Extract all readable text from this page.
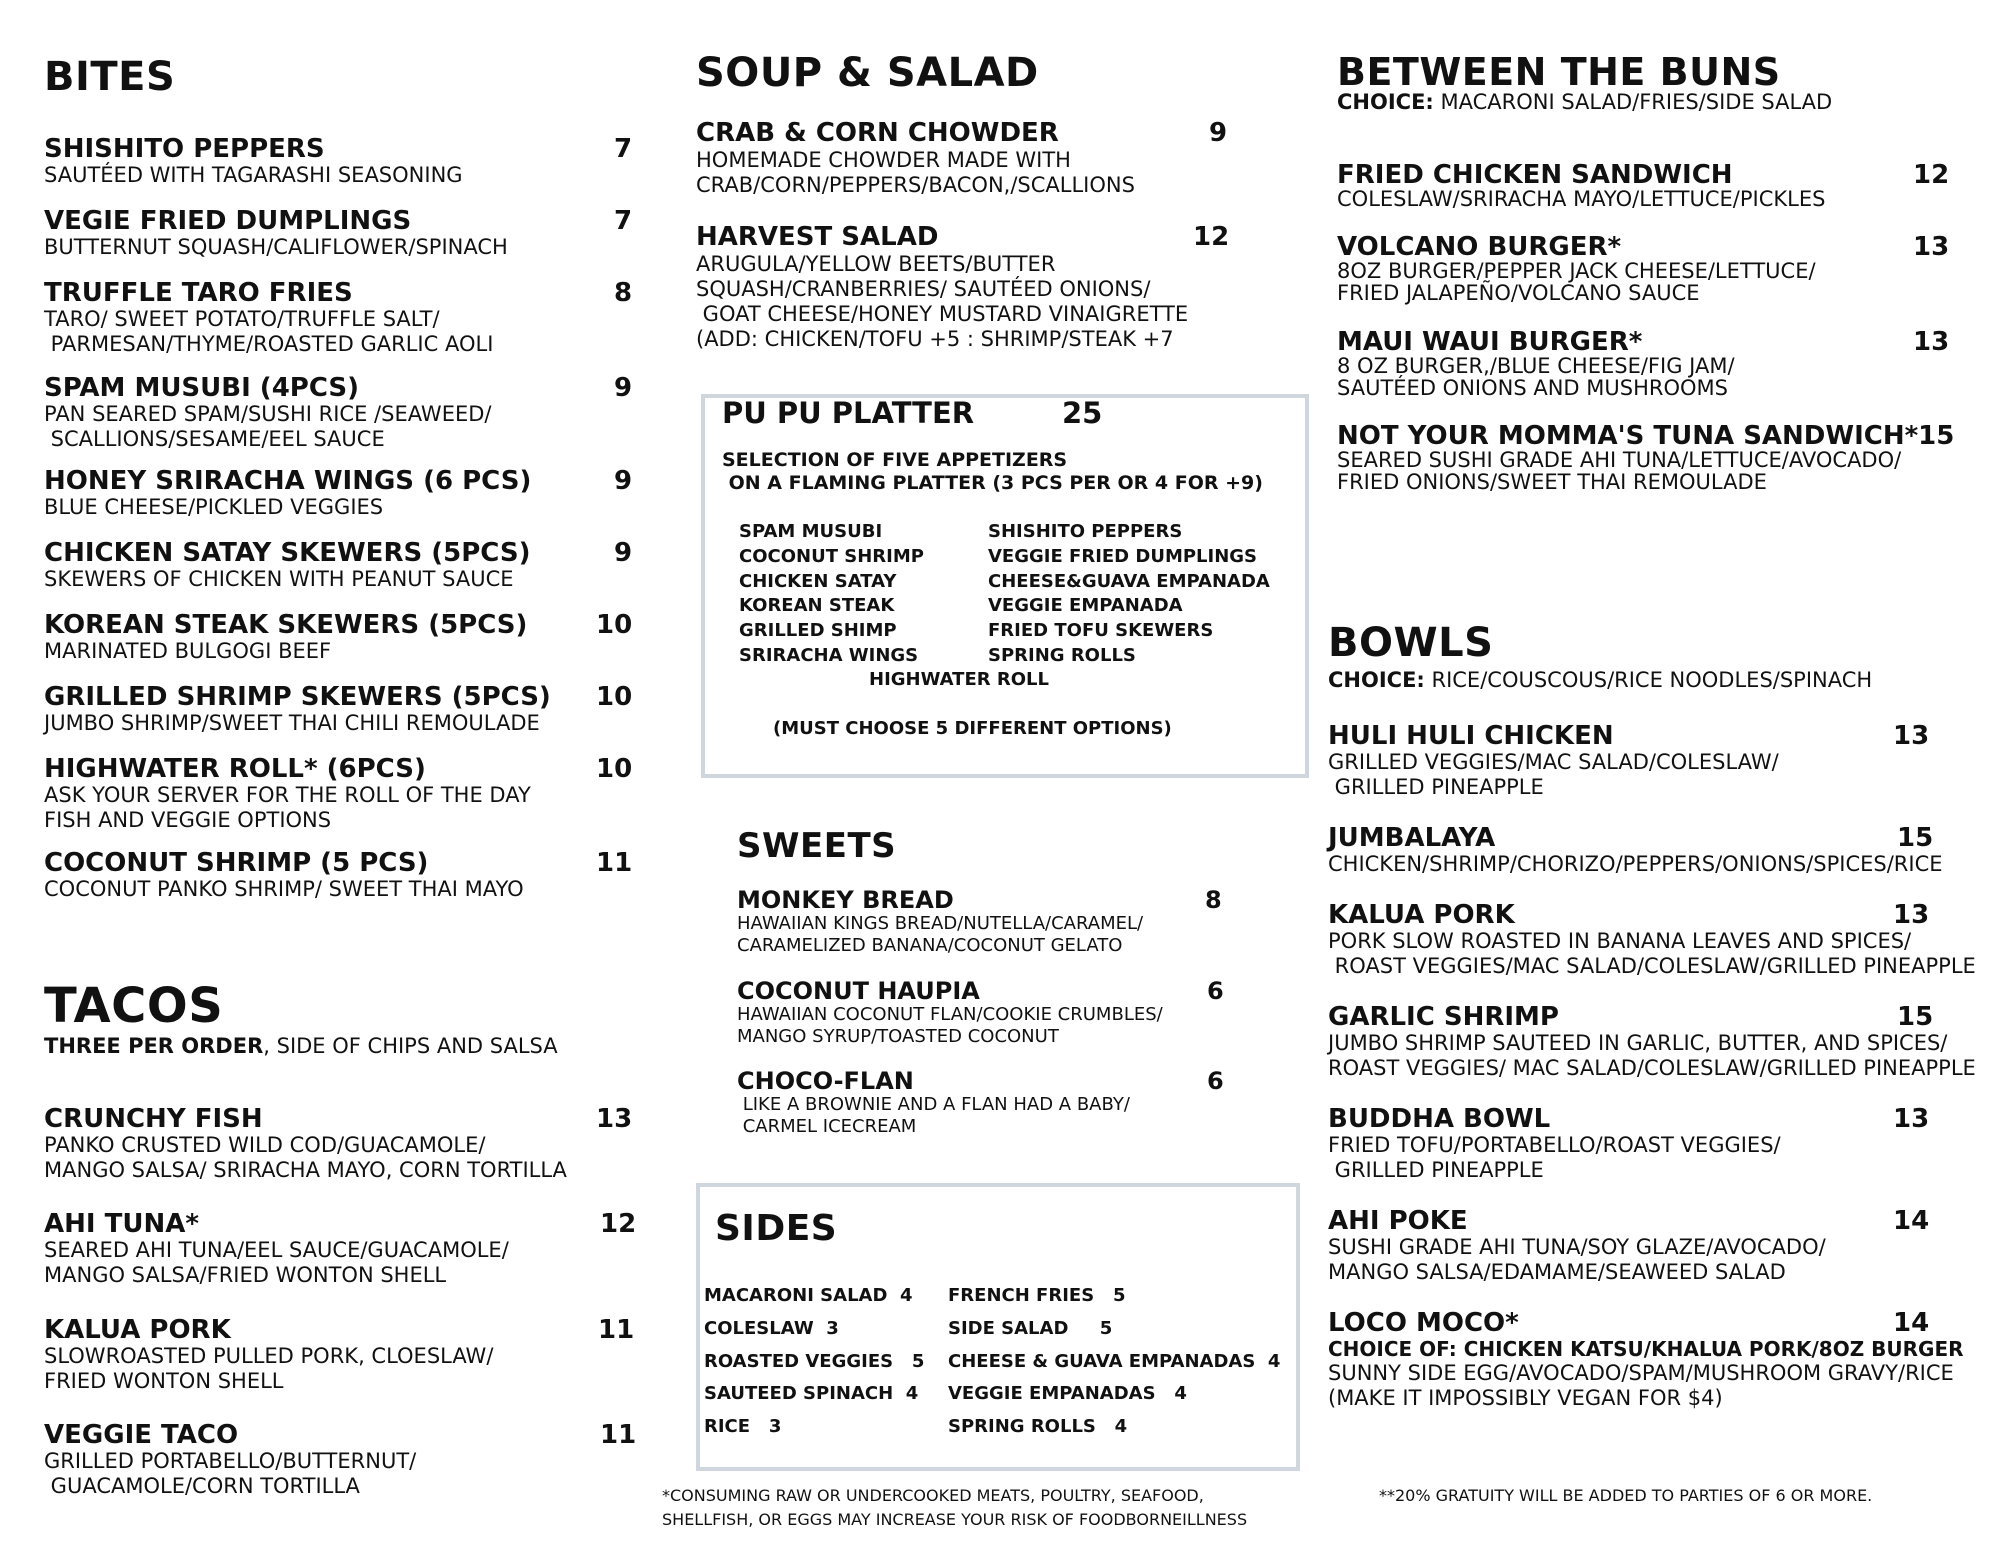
BITES
SHISHITO PEPPERS	7
SAUTÉED WITH TAGARASHI SEASONING
VEGIE FRIED DUMPLINGS	7
BUTTERNUT SQUASH/CALIFLOWER/SPINACH
TRUFFLE TARO FRIES	8
TARO/ SWEET POTATO/TRUFFLE SALT/
PARMESAN/THYME/ROASTED GARLIC AOLI
SPAM MUSUBI (4PCS)	9
PAN SEARED SPAM/SUSHI RICE /SEAWEED/
SCALLIONS/SESAME/EEL SAUCE
HONEY SRIRACHA WINGS (6 PCS)	9
BLUE CHEESE/PICKLED VEGGIES
CHICKEN SATAY SKEWERS (5PCS)	9
SKEWERS OF CHICKEN WITH PEANUT SAUCE
KOREAN STEAK SKEWERS (5PCS)	10
MARINATED BULGOGI BEEF
GRILLED SHRIMP SKEWERS (5PCS) 10
JUMBO SHRIMP/SWEET THAI CHILI REMOULADE
HIGHWATER ROLL* (6PCS)	10
ASK YOUR SERVER FOR THE ROLL OF THE DAY
FISH AND VEGGIE OPTIONS
COCONUT SHRIMP (5 PCS)	11
COCONUT PANKO SHRIMP/ SWEET THAI MAYO
TACOS
THREE PER ORDER, SIDE OF CHIPS AND SALSA
CRUNCHY FISH	13
PANKO CRUSTED WILD COD/GUACAMOLE/
MANGO SALSA/ SRIRACHA MAYO, CORN TORTILLA
AHI TUNA*	12
SEARED AHI TUNA/EEL SAUCE/GUACAMOLE/
MANGO SALSA/FRIED WONTON SHELL
KALUA PORK	11
SLOWROASTED PULLED PORK, CLOESLAW/
FRIED WONTON SHELL
VEGGIE TACO	11
GRILLED PORTABELLO/BUTTERNUT/
GUACAMOLE/CORN TORTILLA
SOUP & SALAD
CRAB & CORN CHOWDER	9
HOMEMADE CHOWDER MADE WITH
CRAB/CORN/PEPPERS/BACON,/SCALLIONS
HARVEST SALAD	12
ARUGULA/YELLOW BEETS/BUTTER
SQUASH/CRANBERRIES/ SAUTÉED ONIONS/
GOAT CHEESE/HONEY MUSTARD VINAIGRETTE
(ADD: CHICKEN/TOFU +5 : SHRIMP/STEAK +7
PU PU PLATTER	25
SELECTION OF FIVE APPETIZERS
ON A FLAMING PLATTER (3 PCS PER OR 4 FOR +9)
SPAM MUSUBI
COCONUT SHRIMP
CHICKEN SATAY
KOREAN STEAK
GRILLED SHIMP
SRIRACHA WINGS
SHISHITO PEPPERS
VEGGIE FRIED DUMPLINGS
CHEESE&GUAVA EMPANADA
VEGGIE EMPANADA
FRIED TOFU SKEWERS
SPRING ROLLS
HIGHWATER ROLL
(MUST CHOOSE 5 DIFFERENT OPTIONS)
SWEETS
MONKEY BREAD	8
HAWAIIAN KINGS BREAD/NUTELLA/CARAMEL/
CARAMELIZED BANANA/COCONUT GELATO
COCONUT HAUPIA	6
HAWAIIAN COCONUT FLAN/COOKIE CRUMBLES/
MANGO SYRUP/TOASTED COCONUT
CHOCO-FLAN	6
LIKE A BROWNIE AND A FLAN HAD A BABY/
CARMEL ICECREAM
SIDES
MACARONI SALAD  4
COLESLAW  3
ROASTED VEGGIES   5
SAUTEED SPINACH  4
RICE   3
FRENCH FRIES   5
SIDE SALAD     5
CHEESE & GUAVA EMPANADAS  4
VEGGIE EMPANADAS   4
SPRING ROLLS   4
BETWEEN THE BUNS
CHOICE: MACARONI SALAD/FRIES/SIDE SALAD
FRIED CHICKEN SANDWICH	12
COLESLAW/SRIRACHA MAYO/LETTUCE/PICKLES
VOLCANO BURGER*	13
8OZ BURGER/PEPPER JACK CHEESE/LETTUCE/
FRIED JALAPEÑO/VOLCANO SAUCE
MAUI WAUI BURGER*	13
8 OZ BURGER,/BLUE CHEESE/FIG JAM/
SAUTÉED ONIONS AND MUSHROOMS
NOT YOUR MOMMA'S TUNA SANDWICH*15
SEARED SUSHI GRADE AHI TUNA/LETTUCE/AVOCADO/
FRIED ONIONS/SWEET THAI REMOULADE
BOWLS
CHOICE: RICE/COUSCOUS/RICE NOODLES/SPINACH
HULI HULI CHICKEN	13
GRILLED VEGGIES/MAC SALAD/COLESLAW/
GRILLED PINEAPPLE
JUMBALAYA	15
CHICKEN/SHRIMP/CHORIZO/PEPPERS/ONIONS/SPICES/RICE
KALUA PORK	13
PORK SLOW ROASTED IN BANANA LEAVES AND SPICES/
ROAST VEGGIES/MAC SALAD/COLESLAW/GRILLED PINEAPPLE
GARLIC SHRIMP	15
JUMBO SHRIMP SAUTEED IN GARLIC, BUTTER, AND SPICES/
ROAST VEGGIES/ MAC SALAD/COLESLAW/GRILLED PINEAPPLE
BUDDHA BOWL	13
FRIED TOFU/PORTABELLO/ROAST VEGGIES/
GRILLED PINEAPPLE
AHI POKE	14
SUSHI GRADE AHI TUNA/SOY GLAZE/AVOCADO/
MANGO SALSA/EDAMAME/SEAWEED SALAD
LOCO MOCO*	14
CHOICE OF: CHICKEN KATSU/KHALUA PORK/8OZ BURGER
SUNNY SIDE EGG/AVOCADO/SPAM/MUSHROOM GRAVY/RICE
(MAKE IT IMPOSSIBLY VEGAN FOR $4)
*CONSUMING RAW OR UNDERCOOKED MEATS, POULTRY, SEAFOOD,
SHELLFISH, OR EGGS MAY INCREASE YOUR RISK OF FOODBORNEILLNESS
**20% GRATUITY WILL BE ADDED TO PARTIES OF 6 OR MORE.
